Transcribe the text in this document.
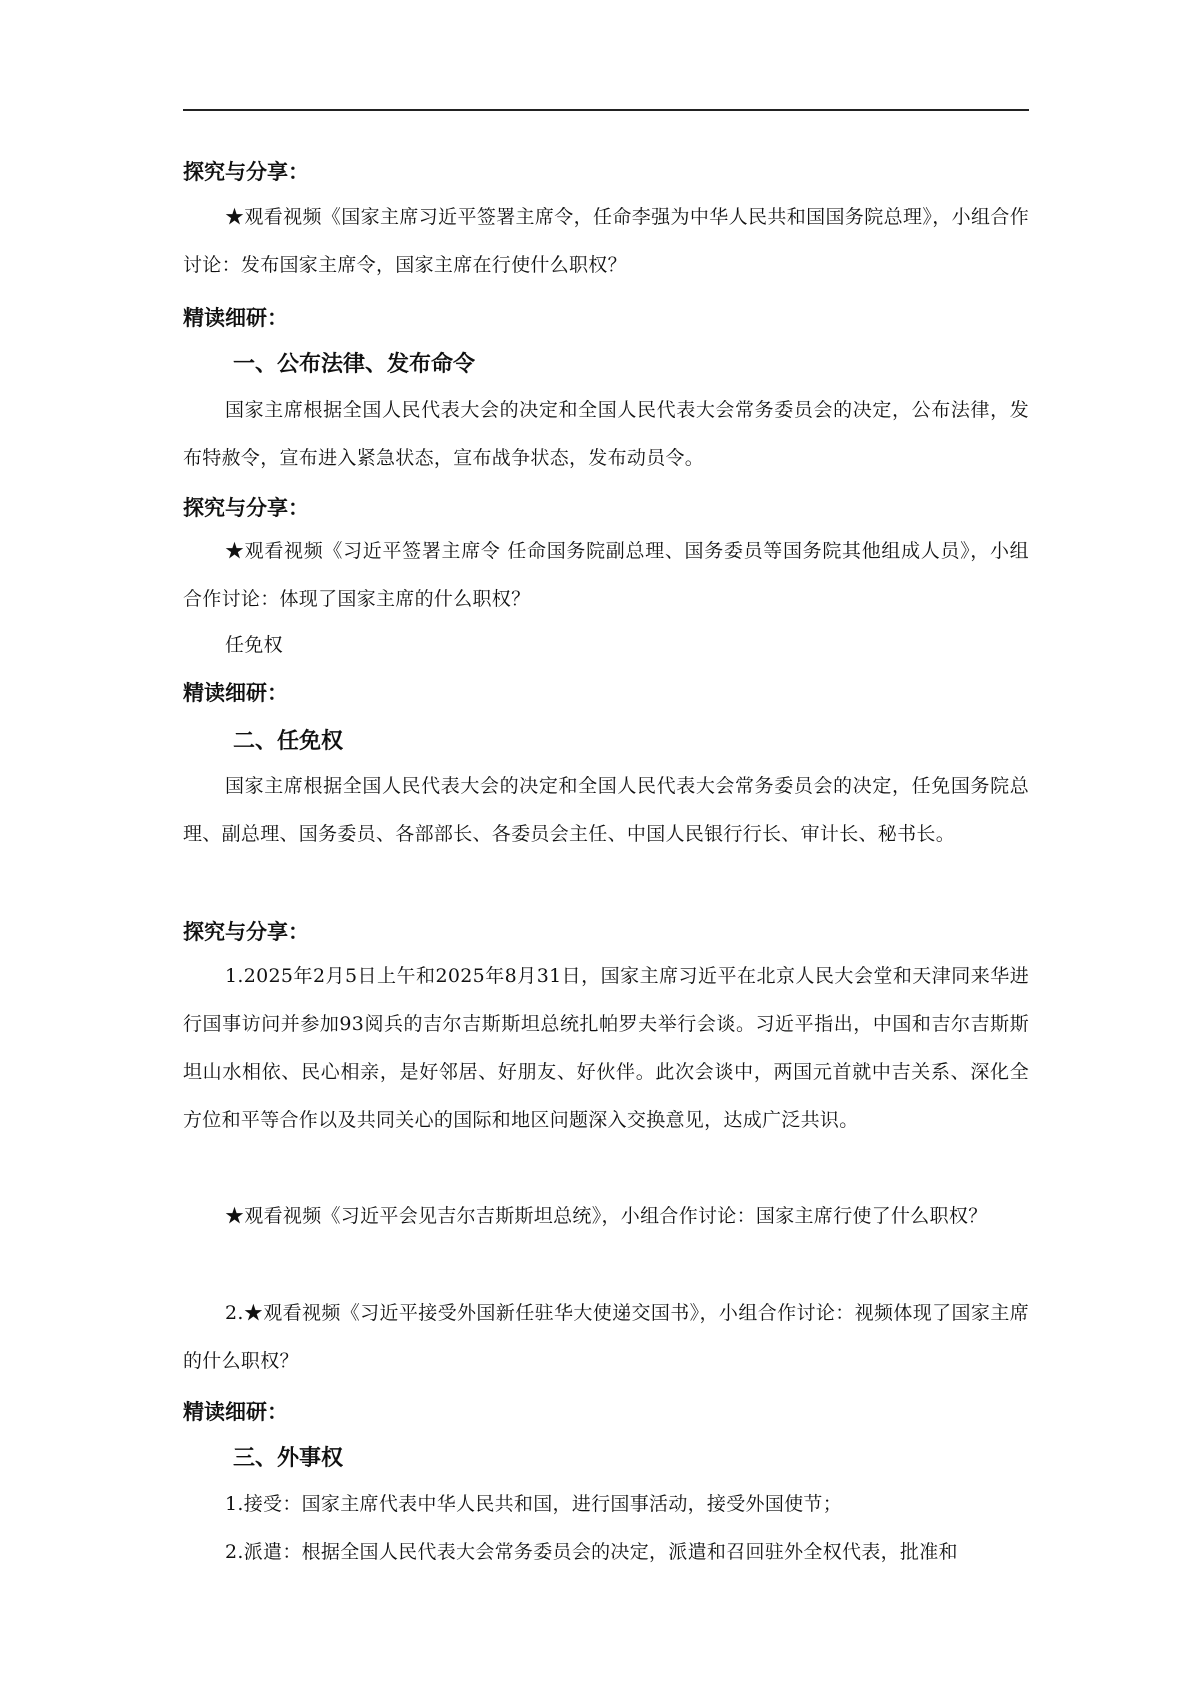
探究与分享：

★观看视频《国家主席习近平签署主席令，任命李强为中华人民共和国国务院总理》，小组合作讨论：发布国家主席令，国家主席在行使什么职权？

精读细研：
一、公布法律、发布命令

国家主席根据全国人民代表大会的决定和全国人民代表大会常务委员会的决定，公布法律，发布特赦令，宣布进入紧急状态，宣布战争状态，发布动员令。

探究与分享：

★观看视频《习近平签署主席令 任命国务院副总理、国务委员等国务院其他组成人员》，小组合作讨论：体现了国家主席的什么职权？

任免权

精读细研：
二、任免权

国家主席根据全国人民代表大会的决定和全国人民代表大会常务委员会的决定，任免国务院总理、副总理、国务委员、各部部长、各委员会主任、中国人民银行行长、审计长、秘书长。

探究与分享：

1.2025年2月5日上午和2025年8月31日，国家主席习近平在北京人民大会堂和天津同来华进行国事访问并参加93阅兵的吉尔吉斯斯坦总统扎帕罗夫举行会谈。习近平指出，中国和吉尔吉斯斯坦山水相依、民心相亲，是好邻居、好朋友、好伙伴。此次会谈中，两国元首就中吉关系、深化全方位和平等合作以及共同关心的国际和地区问题深入交换意见，达成广泛共识。

★观看视频《习近平会见吉尔吉斯斯坦总统》，小组合作讨论：国家主席行使了什么职权？

2.★观看视频《习近平接受外国新任驻华大使递交国书》，小组合作讨论：视频体现了国家主席的什么职权？

精读细研：
三、外事权

1.接受：国家主席代表中华人民共和国，进行国事活动，接受外国使节；

2.派遣：根据全国人民代表大会常务委员会的决定，派遣和召回驻外全权代表，批准和
